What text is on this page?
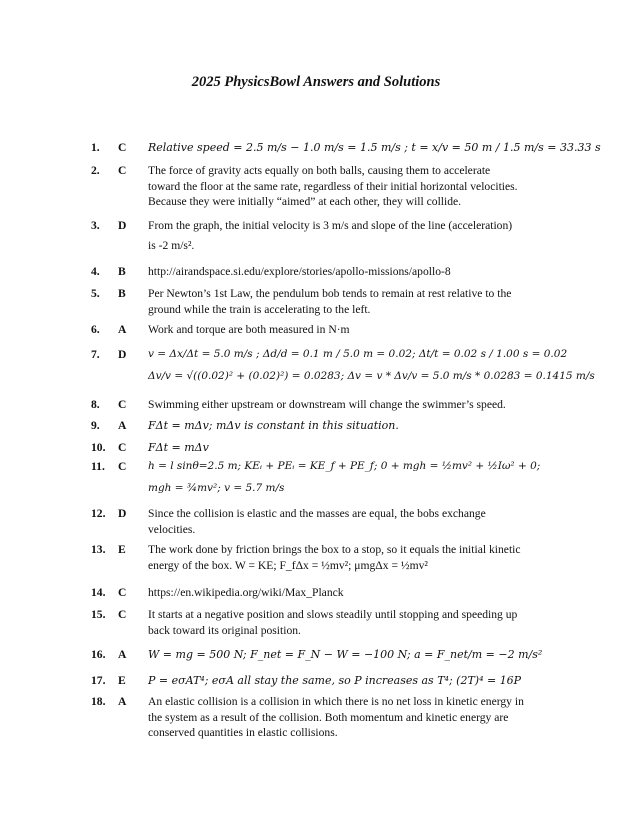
2025 PhysicsBowl Answers and Solutions
1.	C Relative speed = 2.5 m/s − 1.0 m/s = 1.5 m/s ; t = x/v = 50 m / 1.5 m/s = 33.33 s
2.	C The force of gravity acts equally on both balls, causing them to accelerate
toward the floor at the same rate, regardless of their initial horizontal velocities.
Because they were initially “aimed” at each other, they will collide.
3.	D From the graph, the initial velocity is 3 m/s and slope of the line (acceleration)
is -2 m/s².
4.	B http://airandspace.si.edu/explore/stories/apollo-missions/apollo-8
5.	B Per Newton’s 1st Law, the pendulum bob tends to remain at rest relative to the
ground while the train is accelerating to the left.
6.	A Work and torque are both measured in N·m
7.	D v = Δx/Δt = 5.0 m/s ; Δd/d = 0.1 m / 5.0 m = 0.02; Δt/t = 0.02 s / 1.00 s = 0.02
Δv/v = √((0.02)² + (0.02)²) = 0.0283; Δv = v * Δv/v = 5.0 m/s * 0.0283 = 0.1415 m/s
8.	C Swimming either upstream or downstream will change the swimmer’s speed.
9.	A FΔt = mΔv; mΔv is constant in this situation.
10.	C FΔt = mΔv
11.	C h = l sinθ=2.5 m; KEᵢ + PEᵢ = KE_f + PE_f; 0 + mgh = ½mv² + ½Iω² + 0;
mgh = ¾mv²; v = 5.7 m/s
12.	D Since the collision is elastic and the masses are equal, the bobs exchange
velocities.
13.	E The work done by friction brings the box to a stop, so it equals the initial kinetic
energy of the box. W = KE; F_fΔx = ½mv²; μmgΔx = ½mv²
14.	C https://en.wikipedia.org/wiki/Max_Planck
15.	C It starts at a negative position and slows steadily until stopping and speeding up
back toward its original position.
16.	A W = mg = 500 N; F_net = F_N − W = −100 N; a = F_net/m = −2 m/s²
17.	E P = eσAT⁴; eσA all stay the same, so P increases as T⁴; (2T)⁴ = 16P
18.	A An elastic collision is a collision in which there is no net loss in kinetic energy in
the system as a result of the collision. Both momentum and kinetic energy are
conserved quantities in elastic collisions.
